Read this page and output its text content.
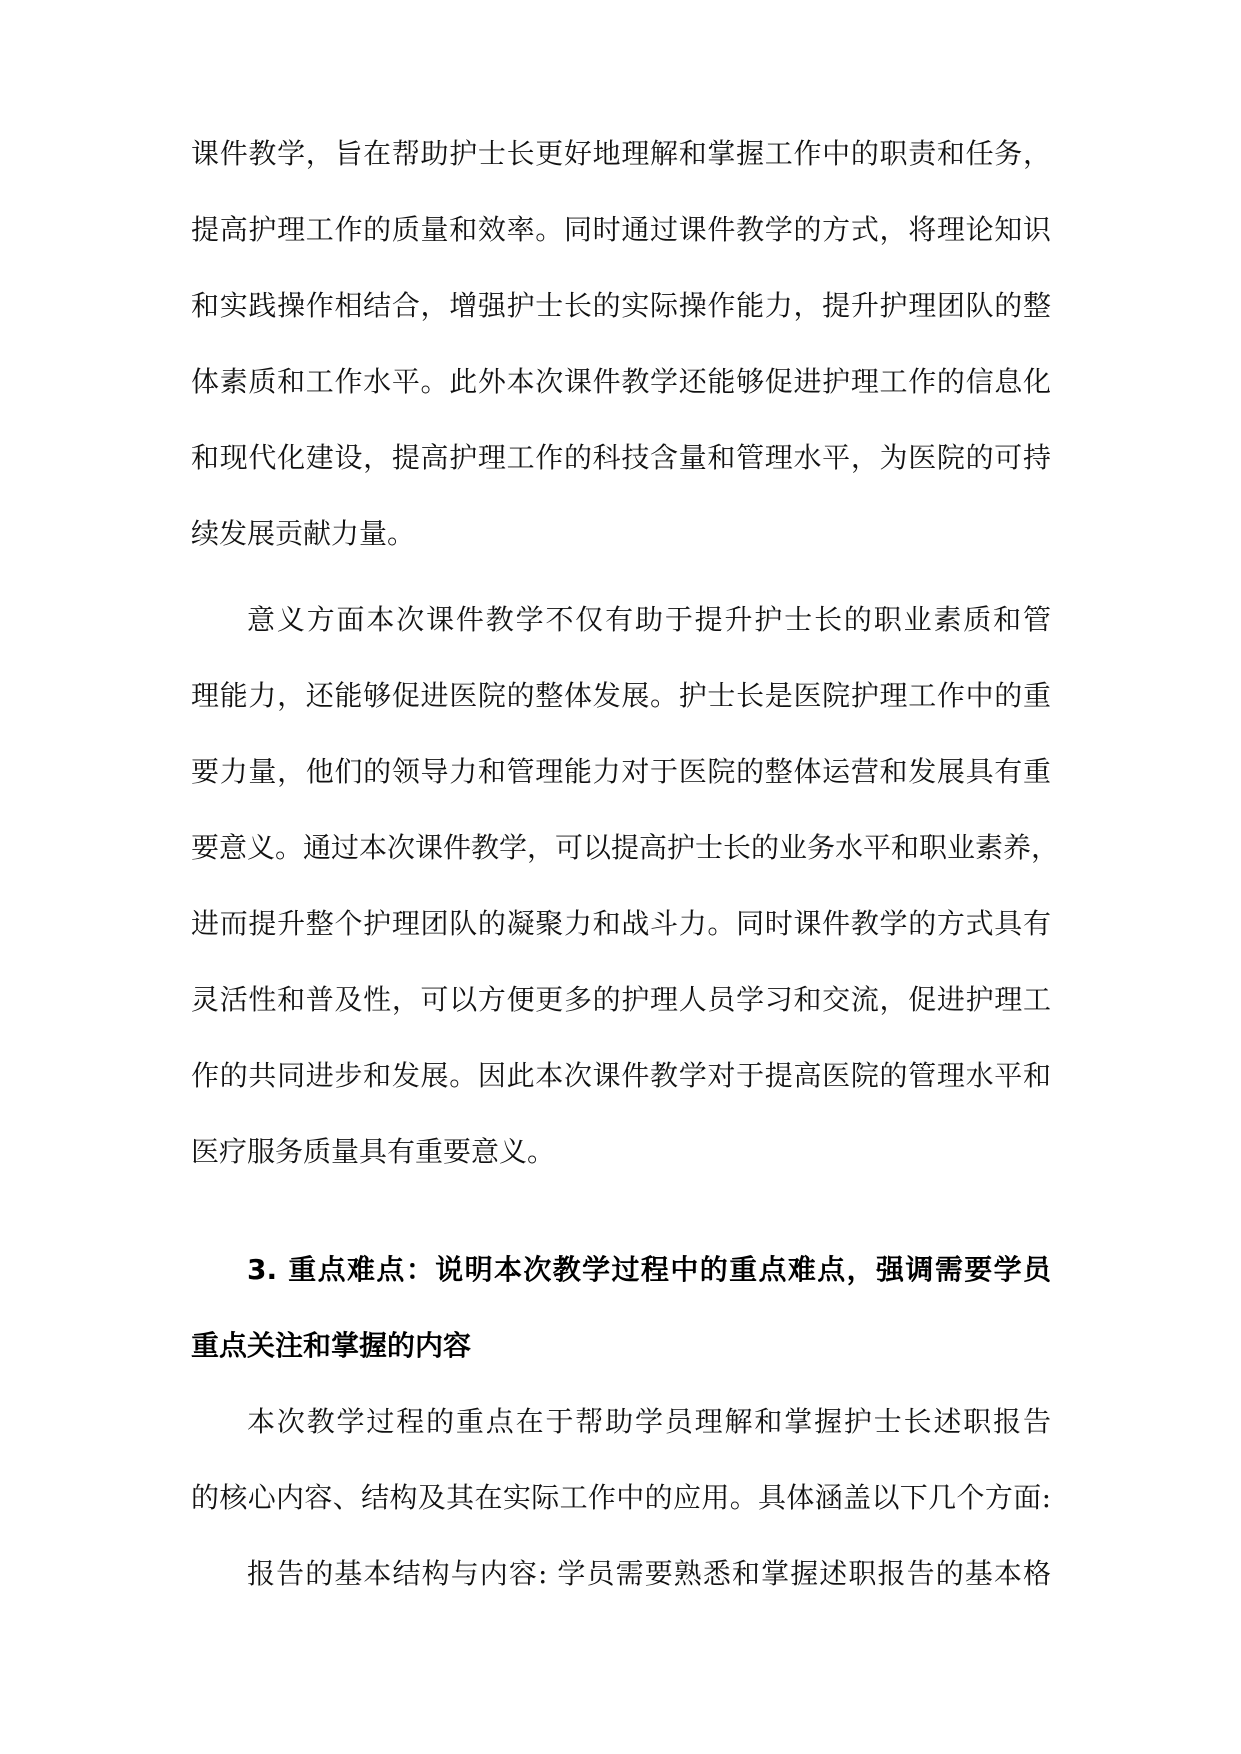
课件教学，旨在帮助护士长更好地理解和掌握工作中的职责和任务，
提高护理工作的质量和效率。同时通过课件教学的方式，将理论知识
和实践操作相结合，增强护士长的实际操作能力，提升护理团队的整
体素质和工作水平。此外本次课件教学还能够促进护理工作的信息化
和现代化建设，提高护理工作的科技含量和管理水平，为医院的可持
续发展贡献力量。
意义方面本次课件教学不仅有助于提升护士长的职业素质和管
理能力，还能够促进医院的整体发展。护士长是医院护理工作中的重
要力量，他们的领导力和管理能力对于医院的整体运营和发展具有重
要意义。通过本次课件教学，可以提高护士长的业务水平和职业素养，
进而提升整个护理团队的凝聚力和战斗力。同时课件教学的方式具有
灵活性和普及性，可以方便更多的护理人员学习和交流，促进护理工
作的共同进步和发展。因此本次课件教学对于提高医院的管理水平和
医疗服务质量具有重要意义。
3. 重点难点：说明本次教学过程中的重点难点，强调需要学员
重点关注和掌握的内容
本次教学过程的重点在于帮助学员理解和掌握护士长述职报告
的核心内容、结构及其在实际工作中的应用。具体涵盖以下几个方面:
报告的基本结构与内容: 学员需要熟悉和掌握述职报告的基本格
